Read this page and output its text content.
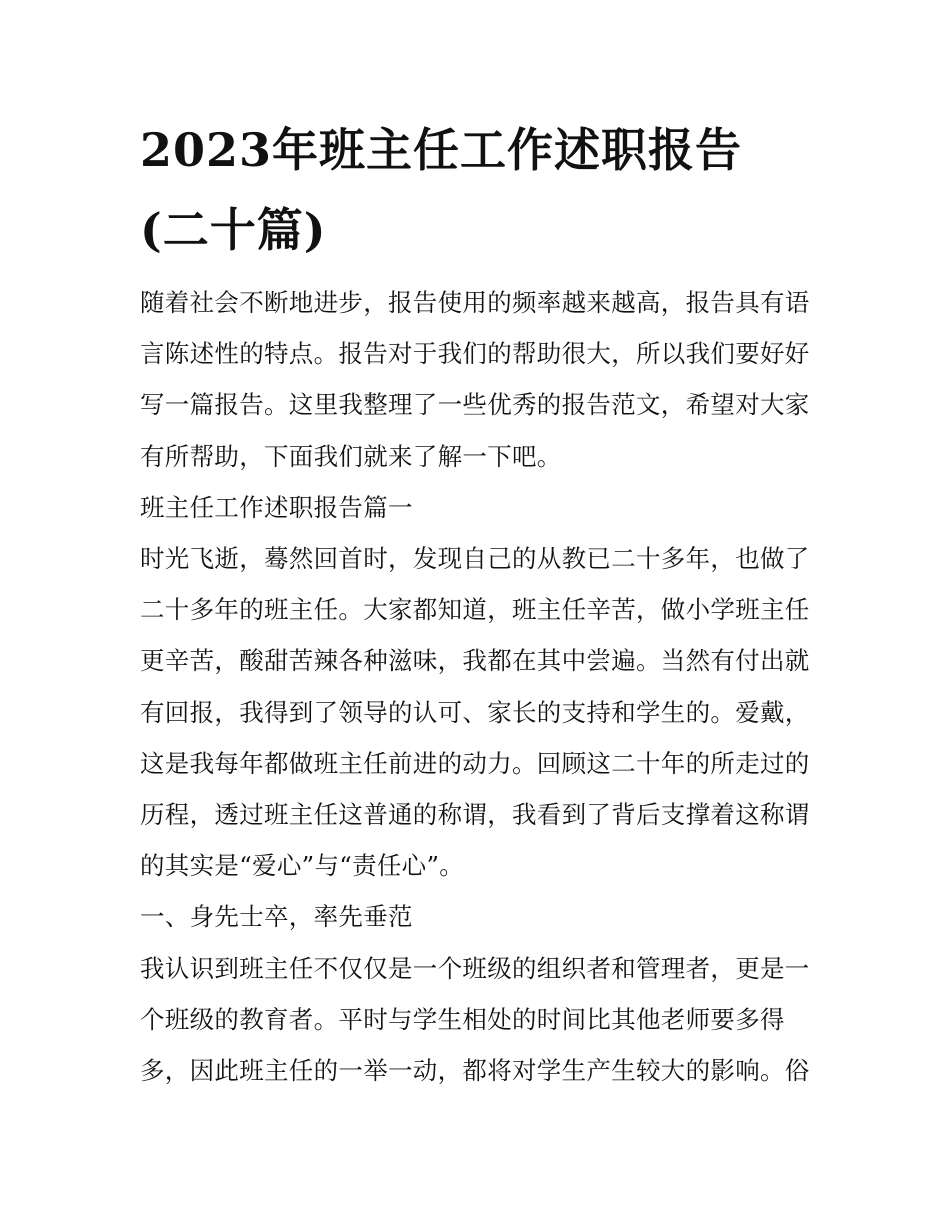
2023年班主任工作述职报告
(二十篇)
随着社会不断地进步，报告使用的频率越来越高，报告具有语
言陈述性的特点。报告对于我们的帮助很大，所以我们要好好
写一篇报告。这里我整理了一些优秀的报告范文，希望对大家
有所帮助，下面我们就来了解一下吧。
班主任工作述职报告篇一
时光飞逝，蓦然回首时，发现自己的从教已二十多年，也做了
二十多年的班主任。大家都知道，班主任辛苦，做小学班主任
更辛苦，酸甜苦辣各种滋味，我都在其中尝遍。当然有付出就
有回报，我得到了领导的认可、家长的支持和学生的。爱戴，
这是我每年都做班主任前进的动力。回顾这二十年的所走过的
历程，透过班主任这普通的称谓，我看到了背后支撑着这称谓
的其实是“爱心”与“责任心”。
一、身先士卒，率先垂范
我认识到班主任不仅仅是一个班级的组织者和管理者，更是一
个班级的教育者。平时与学生相处的时间比其他老师要多得
多，因此班主任的一举一动，都将对学生产生较大的影响。俗
